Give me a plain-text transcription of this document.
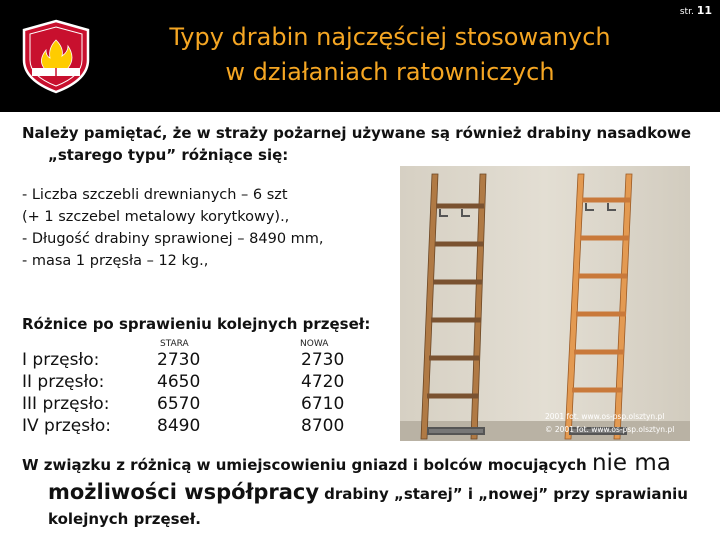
Typy drabin najczęściej stosowanych
w działaniach ratowniczych
str. 11
Należy pamiętać, że w straży pożarnej używane są również drabiny nasadkowe
„starego typu” różniące się:
- Liczba szczebli drewnianych – 6 szt
(+ 1 szczebel metalowy korytkowy).,
- Długość drabiny sprawionej – 8490 mm,
- masa 1 przęsła – 12 kg.,
Różnice po sprawieniu kolejnych przęseł:
STARA	NOWA
I przęsło:
II przęsło:
III przęsło:
IV przęsło:
2730
4650
6570
8490
2730
4720
6710
8700	2001 fot. www.os-psp.olsztyn.pl
© 2001 fot. www.os-psp.olsztyn.pl
W związku z różnicą w umiejscowieniu gniazd i bolców mocujących nie ma
możliwości współpracy drabiny „starej” i „nowej” przy sprawianiu
kolejnych przęseł.
